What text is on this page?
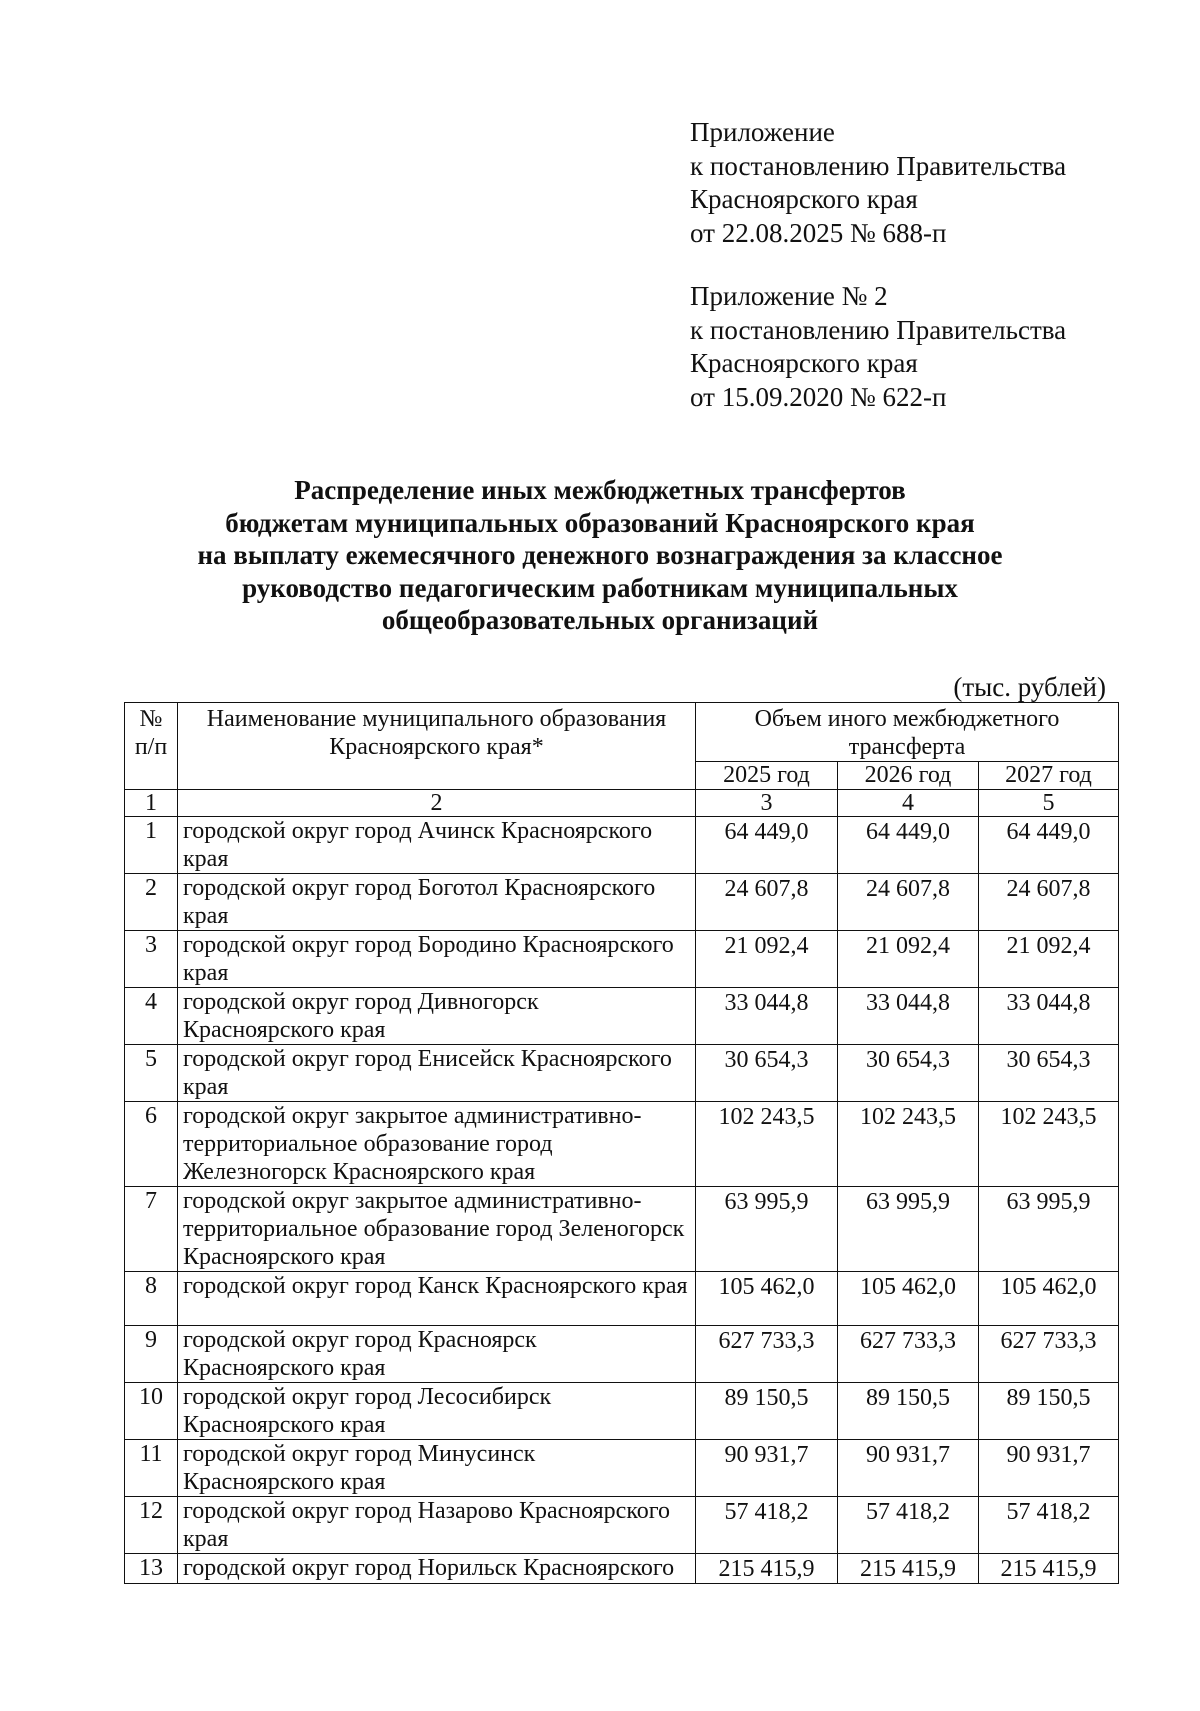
Приложение
к постановлению Правительства
Красноярского края
от 22.08.2025 № 688-п
Приложение № 2
к постановлению Правительства
Красноярского края
от 15.09.2020 № 622-п
Распределение иных межбюджетных трансфертов
бюджетам муниципальных образований Красноярского края
на выплату ежемесячного денежного вознаграждения за классное
руководство педагогическим работникам муниципальных
общеобразовательных организаций
(тыс. рублей)
№ п/п	Наименование муниципального образования Красноярского края*	Объем иного межбюджетного трансферта		
		2025 год	2026 год	2027 год
1	2	3	4	5
1	городской округ город Ачинск Красноярского края	64 449,0	64 449,0	64 449,0
2	городской округ город Боготол Красноярского края	24 607,8	24 607,8	24 607,8
3	городской округ город Бородино Красноярского края	21 092,4	21 092,4	21 092,4
4	городской округ город Дивногорск Красноярского края	33 044,8	33 044,8	33 044,8
5	городской округ город Енисейск Красноярского края	30 654,3	30 654,3	30 654,3
6	городской округ закрытое административно-территориальное образование город Железногорск Красноярского края	102 243,5	102 243,5	102 243,5
7	городской округ закрытое административно-территориальное образование город Зеленогорск Красноярского края	63 995,9	63 995,9	63 995,9
8	городской округ город Канск Красноярского края	105 462,0	105 462,0	105 462,0
9	городской округ город Красноярск Красноярского края	627 733,3	627 733,3	627 733,3
10	городской округ город Лесосибирск Красноярского края	89 150,5	89 150,5	89 150,5
11	городской округ город Минусинск Красноярского края	90 931,7	90 931,7	90 931,7
12	городской округ город Назарово Красноярского края	57 418,2	57 418,2	57 418,2
13	городской округ город Норильск Красноярского	215 415,9	215 415,9	215 415,9
